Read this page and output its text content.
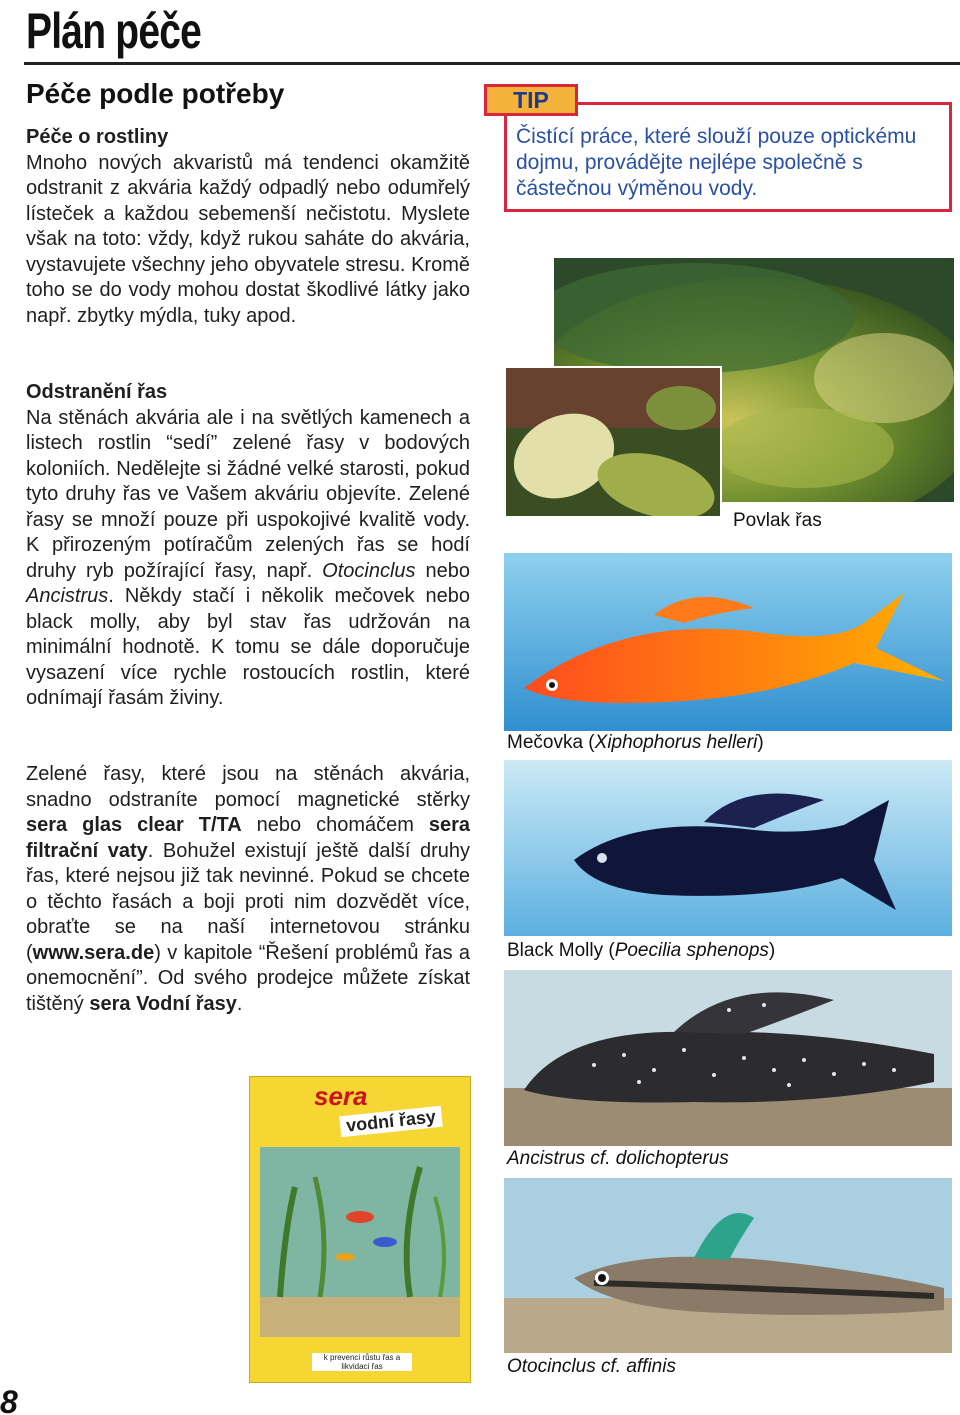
Plán péče
Péče podle potřeby
Péče o rostliny
Mnoho nových akvaristů má tendenci okamžitě odstranit z akvária každý odpadlý nebo odumřelý lísteček a každou sebemenší nečistotu. Myslete však na toto: vždy, když rukou saháte do akvária, vystavujete všechny jeho obyvatele stresu. Kromě toho se do vody mohou dostat škodlivé látky jako např. zbytky mýdla, tuky apod.
Odstranění řas
Na stěnách akvária ale i na světlých kamenech a listech rostlin “sedí” zelené řasy v bodových koloniích. Nedělejte si žádné velké starosti, pokud tyto druhy řas ve Vašem akváriu objevíte. Zelené řasy se množí pouze při uspokojivé kvalitě vody. K přirozeným potíračům zelených řas se hodí druhy ryb požírající řasy, např. Otocinclus nebo Ancistrus. Někdy stačí i několik mečovek nebo black molly, aby byl stav řas udržován na minimální hodnotě. K tomu se dále doporučuje vysazení více rychle rostoucích rostlin, které odnímají řasám živiny.
Zelené řasy, které jsou na stěnách akvária, snadno odstraníte pomocí magnetické stěrky sera glas clear T/TA nebo chomáčem sera filtrační vaty. Bohužel existují ještě další druhy řas, které nejsou již tak nevinné. Pokud se chcete o těchto řasách a boji proti nim dozvědět více, obraťte se na naší internetovou stránku (www.sera.de) v kapitole “Řešení problémů řas a onemocnění”. Od svého prodejce můžete získat tištěný sera Vodní řasy.
TIP
Čistící práce, které slouží pouze optickému dojmu, provádějte nejlépe společně s částečnou výměnou vody.
Povlak řas
Mečovka (Xiphophorus helleri)
Black Molly (Poecilia sphenops)
Ancistrus cf. dolichopterus
Otocinclus cf. affinis
sera
vodní řasy
k prevenci růstu řas a likvidaci řas
8
